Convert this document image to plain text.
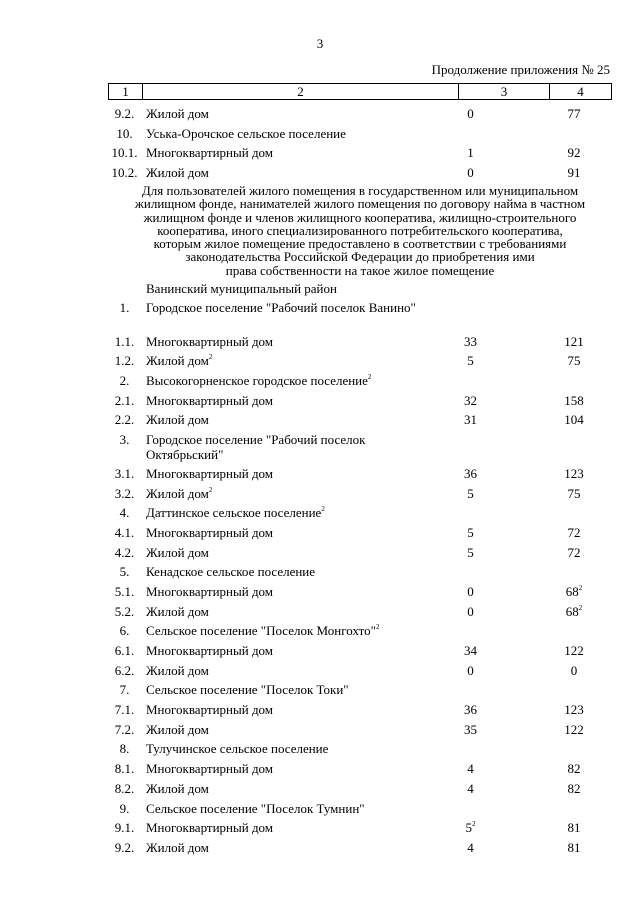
3
Продолжение приложения № 25
1	2	3	4
9.2. Жилой дом	0	77
10.	Уська-Орочское сельское поселение
10.1. Многоквартирный дом	1	92
10.2. Жилой дом	0	91
Для пользователей жилого помещения в государственном или муниципальном
жилищном фонде, нанимателей жилого помещения по договору найма в частном
жилищном фонде и членов жилищного кооператива, жилищно-строительного
кооператива, иного специализированного потребительского кооператива,
которым жилое помещение предоставлено в соответствии с требованиями
законодательства Российской Федерации до приобретения ими
права собственности на такое жилое помещение
Ванинский муниципальный район
1.	Городское поселение "Рабочий поселок Ванино"
1.1. Многоквартирный дом	33	121
1.2. Жилой дом$^2$	5	75
2.	Высокогорненское городское поселение$^2$
2.1. Многоквартирный дом	32	158
2.2. Жилой дом	31	104
3.	Городское поселение "Рабочий поселок Октябрьский"
3.1. Многоквартирный дом	36	123
3.2. Жилой дом$^2$	5	75
4.	Даттинское сельское поселение$^2$
4.1. Многоквартирный дом	5	72
4.2. Жилой дом	5	72
5.	Кенадское сельское поселение
5.1. Многоквартирный дом	0	$68^2$
5.2. Жилой дом	0	$68^2$
6.	Сельское поселение "Поселок Монгохто"$^2$
6.1. Многоквартирный дом	34	122
6.2. Жилой дом	0	0
7.	Сельское поселение "Поселок Токи"
7.1. Многоквартирный дом	36	123
7.2. Жилой дом	35	122
8.	Тулучинское сельское поселение
8.1. Многоквартирный дом	4	82
8.2. Жилой дом	4	82
9.	Сельское поселение "Поселок Тумнин"
9.1. Многоквартирный дом	$5^2$	81
9.2. Жилой дом	4	81
